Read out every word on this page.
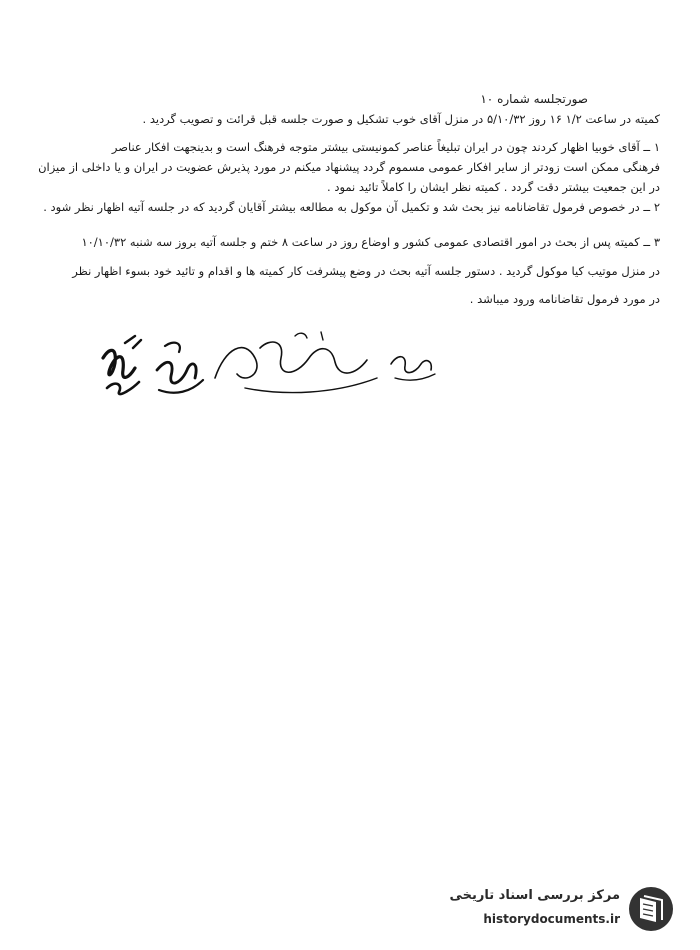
صورتجلسه شماره ۱۰
کمیته در ساعت ۱/۲ ۱۶ روز ۵/۱۰/۳۲ در منزل آقای خوب تشکیل و صورت جلسه قبل قرائت و تصویب گردید .
۱ ــ آقای خوبیا اظهار کردند چون در ایران تبلیغاً عناصر کمونیستی بیشتر متوجه فرهنگ است و بدینجهت افکار عناصر
فرهنگی ممکن است زودتر از سایر افکار عمومی مسموم گردد پیشنهاد میکنم در مورد پذیرش عضویت در ایران و یا داخلی از میزان
در این جمعیت بیشتر دقت گردد . کمیته نظر ایشان را کاملاً تائید نمود .
۲ ــ در خصوص فرمول تقاضانامه نیز بحث شد و تکمیل آن موکول به مطالعه بیشتر آقایان گردید که در جلسه آتیه اظهار نظر شود .
۳ ــ کمیته پس از بحث در امور اقتصادی عمومی کشور و اوضاع روز در ساعت ۸ ختم و جلسه آتیه بروز سه شنبه ۱۰/۱۰/۳۲
در منزل موتیب کیا موکول گردید . دستور جلسه آتیه بحث در وضع پیشرفت کار کمیته ها و اقدام و تائید خود بسوء اظهار نظر
در مورد فرمول تقاضانامه ورود میباشد .
مرکز بررسی اسناد تاریخی
historydocuments.ir
